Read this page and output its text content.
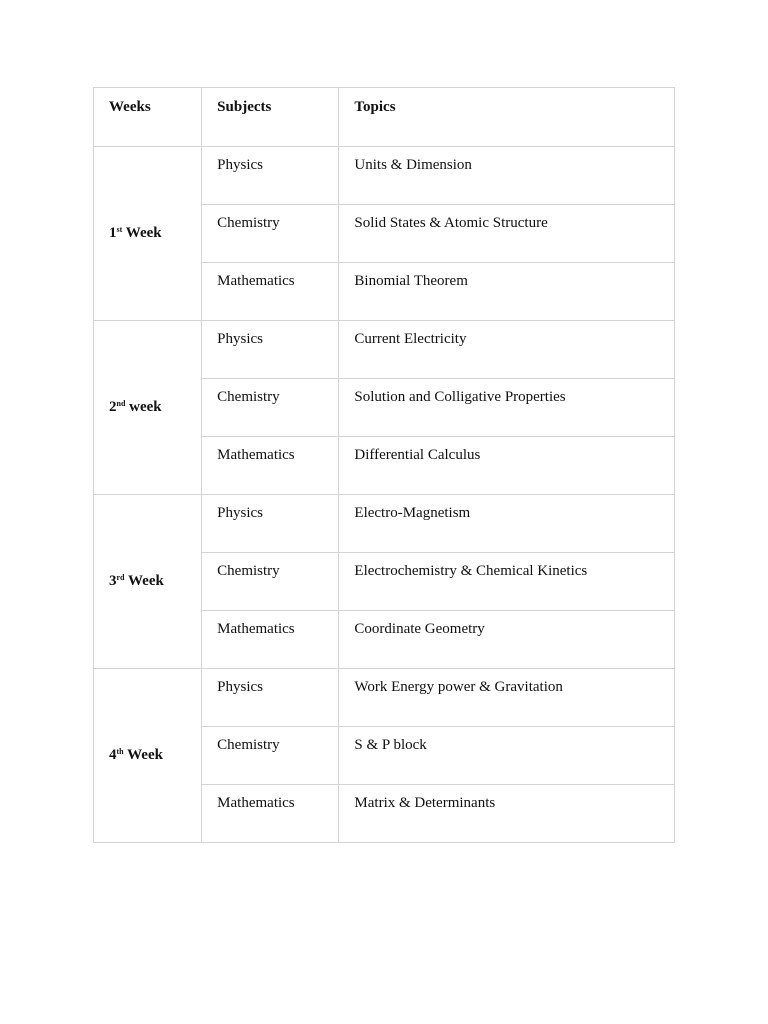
Weeks	Subjects	Topics
1st Week	Physics	Units & Dimension
	Chemistry	Solid States & Atomic Structure
	Mathematics	Binomial Theorem
2nd week	Physics	Current Electricity
	Chemistry	Solution and Colligative Properties
	Mathematics	Differential Calculus
3rd Week	Physics	Electro-Magnetism
	Chemistry	Electrochemistry & Chemical Kinetics
	Mathematics	Coordinate Geometry
4th Week	Physics	Work Energy power & Gravitation
	Chemistry	S & P block
	Mathematics	Matrix & Determinants
